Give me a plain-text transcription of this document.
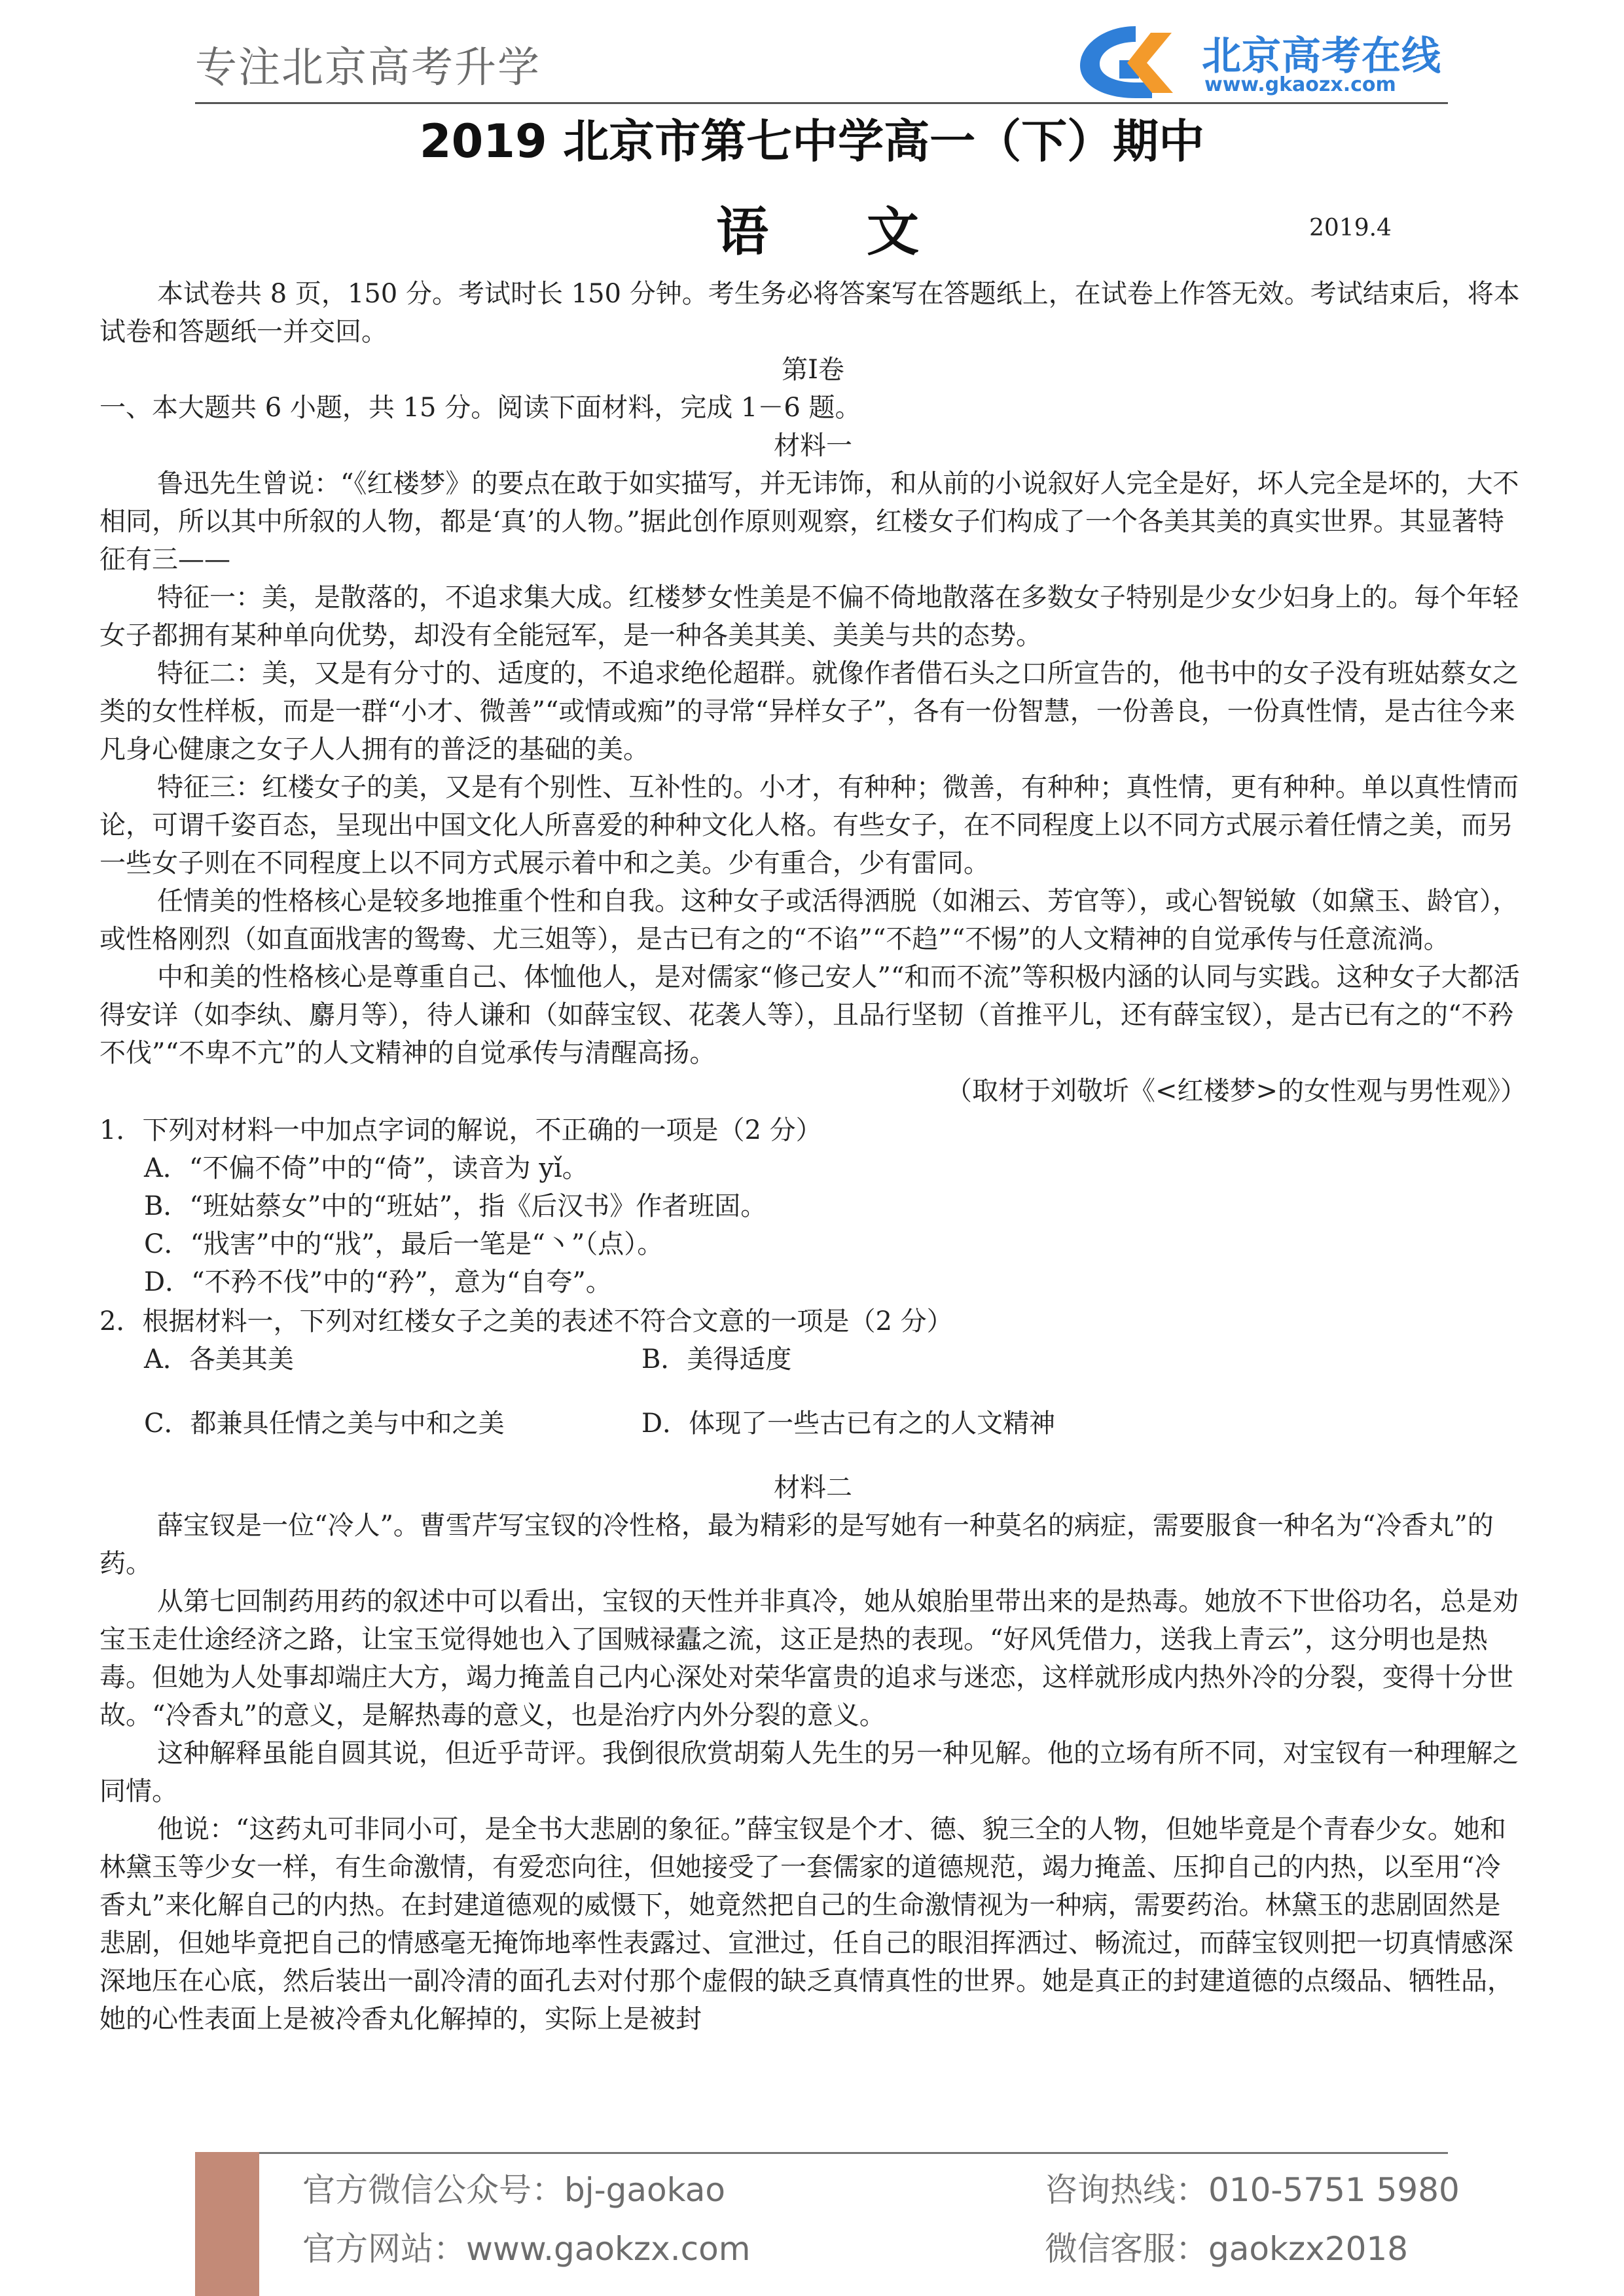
专注北京高考升学	北京高考在线
www.gkaozx.com
2019 北京市第七中学高一（下）期中
语文	2019.4

本试卷共 8 页，150 分。考试时长 150 分钟。考生务必将答案写在答题纸上，在试卷上作答无效。考试结束后，将本试卷和答题纸一并交回。

第Ⅰ卷

一、本大题共 6 小题，共 15 分。阅读下面材料，完成 1－6 题。

材料一

鲁迅先生曾说：“《红楼梦》的要点在敢于如实描写，并无讳饰，和从前的小说叙好人完全是好，坏人完全是坏的，大不相同，所以其中所叙的人物，都是‘真’的人物。”据此创作原则观察，红楼女子们构成了一个各美其美的真实世界。其显著特征有三——

特征一：美，是散落的，不追求集大成。红楼梦女性美是不偏不倚地散落在多数女子特别是少女少妇身上的。每个年轻女子都拥有某种单向优势，却没有全能冠军，是一种各美其美、美美与共的态势。

特征二：美，又是有分寸的、适度的，不追求绝伦超群。就像作者借石头之口所宣告的，他书中的女子没有班姑蔡女之类的女性样板，而是一群“小才、微善”“或情或痴”的寻常“异样女子”，各有一份智慧，一份善良，一份真性情，是古往今来凡身心健康之女子人人拥有的普泛的基础的美。

特征三：红楼女子的美，又是有个别性、互补性的。小才，有种种；微善，有种种；真性情，更有种种。单以真性情而论，可谓千姿百态，呈现出中国文化人所喜爱的种种文化人格。有些女子，在不同程度上以不同方式展示着任情之美，而另一些女子则在不同程度上以不同方式展示着中和之美。少有重合，少有雷同。

任情美的性格核心是较多地推重个性和自我。这种女子或活得洒脱（如湘云、芳官等），或心智锐敏（如黛玉、龄官），或性格刚烈（如直面戕害的鸳鸯、尤三姐等），是古已有之的“不谄”“不趋”“不惕”的人文精神的自觉承传与任意流淌。

中和美的性格核心是尊重自己、体恤他人，是对儒家“修己安人”“和而不流”等积极内涵的认同与实践。这种女子大都活得安详（如李纨、麝月等），待人谦和（如薛宝钗、花袭人等），且品行坚韧（首推平儿，还有薛宝钗），是古已有之的“不矜不伐”“不卑不亢”的人文精神的自觉承传与清醒高扬。

（取材于刘敬圻《<红楼梦>的女性观与男性观》）

1．下列对材料一中加点字词的解说，不正确的一项是（2 分）

A．“不偏不倚”中的“倚”，读音为 yǐ。

B．“班姑蔡女”中的“班姑”，指《后汉书》作者班固。

C．“戕害”中的“戕”，最后一笔是“丶”（点）。

D．“不矜不伐”中的“矜”，意为“自夸”。

2．根据材料一，下列对红楼女子之美的表述不符合文意的一项是（2 分）

A．各美其美	B．美得适度
C．都兼具任情之美与中和之美	D．体现了一些古已有之的人文精神

材料二

薛宝钗是一位“冷人”。曹雪芹写宝钗的冷性格，最为精彩的是写她有一种莫名的病症，需要服食一种名为“冷香丸”的药。

从第七回制药用药的叙述中可以看出，宝钗的天性并非真冷，她从娘胎里带出来的是热毒。她放不下世俗功名，总是劝宝玉走仕途经济之路，让宝玉觉得她也入了国贼禄蠹之流，这正是热的表现。“好风凭借力，送我上青云”，这分明也是热毒。但她为人处事却端庄大方，竭力掩盖自己内心深处对荣华富贵的追求与迷恋，这样就形成内热外冷的分裂，变得十分世故。“冷香丸”的意义，是解热毒的意义，也是治疗内外分裂的意义。

这种解释虽能自圆其说，但近乎苛评。我倒很欣赏胡菊人先生的另一种见解。他的立场有所不同，对宝钗有一种理解之同情。

他说：“这药丸可非同小可，是全书大悲剧的象征。”薛宝钗是个才、德、貌三全的人物，但她毕竟是个青春少女。她和林黛玉等少女一样，有生命激情，有爱恋向往，但她接受了一套儒家的道德规范，竭力掩盖、压抑自己的内热，以至用“冷香丸”来化解自己的内热。在封建道德观的威慑下，她竟然把自己的生命激情视为一种病，需要药治。林黛玉的悲剧固然是悲剧，但她毕竟把自己的情感毫无掩饰地率性表露过、宣泄过，任自己的眼泪挥洒过、畅流过，而薛宝钗则把一切真情感深深地压在心底，然后装出一副冷清的面孔去对付那个虚假的缺乏真情真性的世界。她是真正的封建道德的点缀品、牺牲品，她的心性表面上是被冷香丸化解掉的，实际上是被封

官方微信公众号：bj-gaokao	咨询热线：010-5751 5980
官方网站：www.gaokzx.com	微信客服：gaokzx2018
